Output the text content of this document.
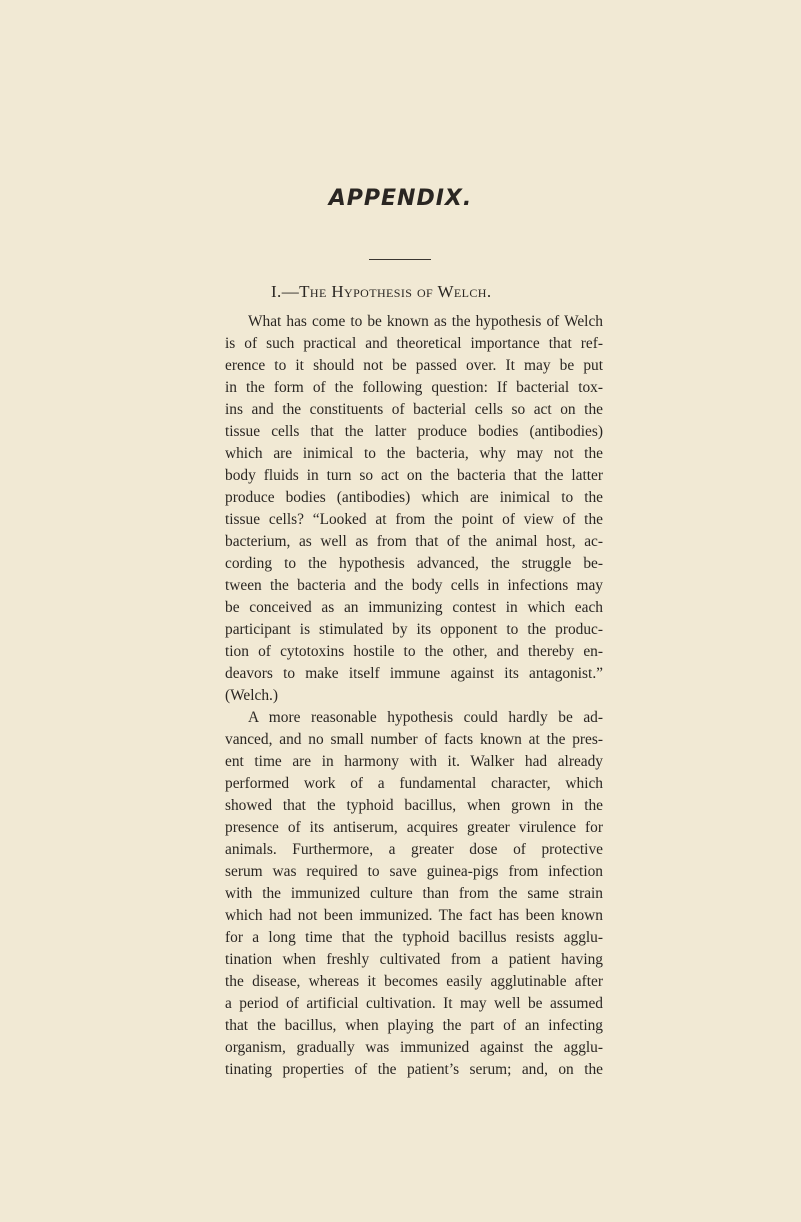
APPENDIX.
I.—The Hypothesis of Welch.
What has come to be known as the hypothesis of Welch
is of such practical and theoretical importance that ref-
erence to it should not be passed over. It may be put
in the form of the following question: If bacterial tox-
ins and the constituents of bacterial cells so act on the
tissue cells that the latter produce bodies (antibodies)
which are inimical to the bacteria, why may not the
body fluids in turn so act on the bacteria that the latter
produce bodies (antibodies) which are inimical to the
tissue cells? “Looked at from the point of view of the
bacterium, as well as from that of the animal host, ac-
cording to the hypothesis advanced, the struggle be-
tween the bacteria and the body cells in infections may
be conceived as an immunizing contest in which each
participant is stimulated by its opponent to the produc-
tion of cytotoxins hostile to the other, and thereby en-
deavors to make itself immune against its antagonist.”
(Welch.)
A more reasonable hypothesis could hardly be ad-
vanced, and no small number of facts known at the pres-
ent time are in harmony with it. Walker had already
performed work of a fundamental character, which
showed that the typhoid bacillus, when grown in the
presence of its antiserum, acquires greater virulence for
animals. Furthermore, a greater dose of protective
serum was required to save guinea-pigs from infection
with the immunized culture than from the same strain
which had not been immunized. The fact has been known
for a long time that the typhoid bacillus resists agglu-
tination when freshly cultivated from a patient having
the disease, whereas it becomes easily agglutinable after
a period of artificial cultivation. It may well be assumed
that the bacillus, when playing the part of an infecting
organism, gradually was immunized against the agglu-
tinating properties of the patient’s serum; and, on the
